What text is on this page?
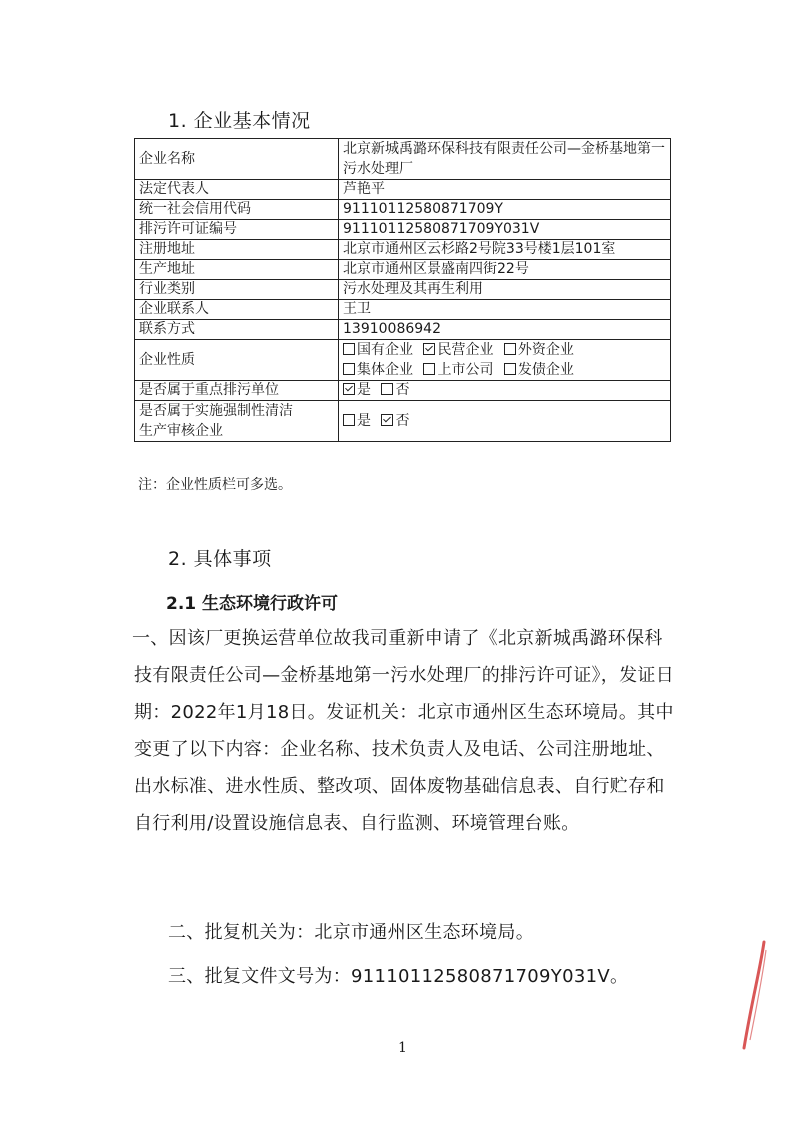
1. 企业基本情况
企业名称	北京新城禹潞环保科技有限责任公司—金桥基地第一污水处理厂
法定代表人	芦艳平
统一社会信用代码	91110112580871709Y
排污许可证编号	91110112580871709Y031V
注册地址	北京市通州区云杉路2号院33号楼1层101室
生产地址	北京市通州区景盛南四街22号
行业类别	污水处理及其再生利用
企业联系人	王卫
联系方式	13910086942
企业性质	国有企业 民营企业 外资企业
集体企业 上市公司 发债企业

是否属于重点排污单位	是 否

是否属于实施强制性清洁
生产审核企业	是 否
注：企业性质栏可多选。
2. 具体事项
2.1 生态环境行政许可
一、因该厂更换运营单位故我司重新申请了《北京新城禹潞环保科技有限责任公司—金桥基地第一污水处理厂的排污许可证》，发证日期：2022年1月18日。发证机关：北京市通州区生态环境局。其中变更了以下内容：企业名称、技术负责人及电话、公司注册地址、出水标准、进水性质、整改项、固体废物基础信息表、自行贮存和自行利用/设置设施信息表、自行监测、环境管理台账。
二、批复机关为：北京市通州区生态环境局。
三、批复文件文号为：91110112580871709Y031V。
1
